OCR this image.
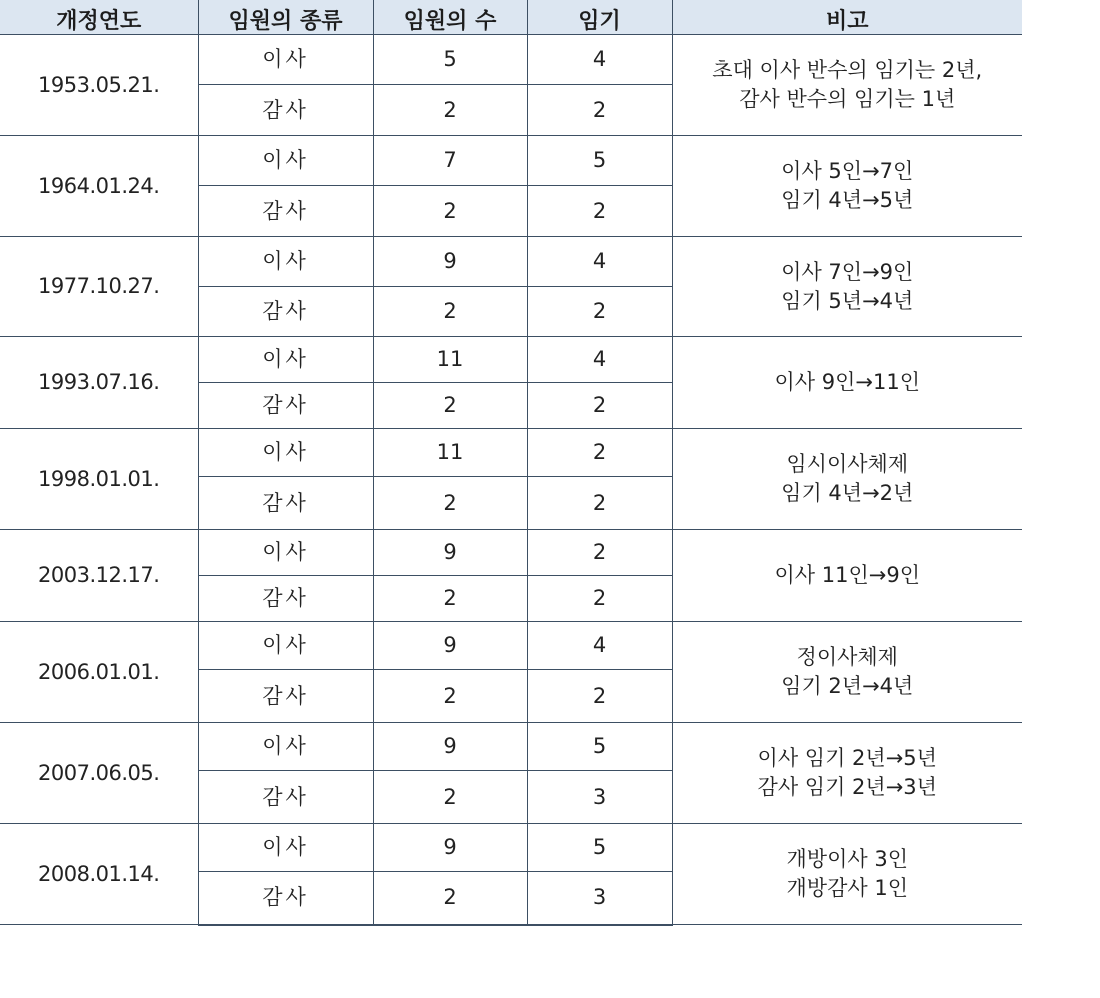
개정연도	임원의 종류	임원의 수	임기	비고
1953.05.21.	이사	5	4	초대 이사 반수의 임기는 2년,
감사 반수의 임기는 1년

	감사	2	2	
1964.01.24.	이사	7	5	이사 5인→7인
임기 4년→5년

	감사	2	2	
1977.10.27.	이사	9	4	이사 7인→9인
임기 5년→4년

	감사	2	2	
1993.07.16.	이사	11	4	이사 9인→11인

	감사	2	2	
1998.01.01.	이사	11	2	임시이사체제
임기 4년→2년

	감사	2	2	
2003.12.17.	이사	9	2	이사 11인→9인

	감사	2	2	
2006.01.01.	이사	9	4	정이사체제
임기 2년→4년

	감사	2	2	
2007.06.05.	이사	9	5	이사 임기 2년→5년
감사 임기 2년→3년

	감사	2	3	
2008.01.14.	이사	9	5	개방이사 3인
개방감사 1인

	감사	2	3	
